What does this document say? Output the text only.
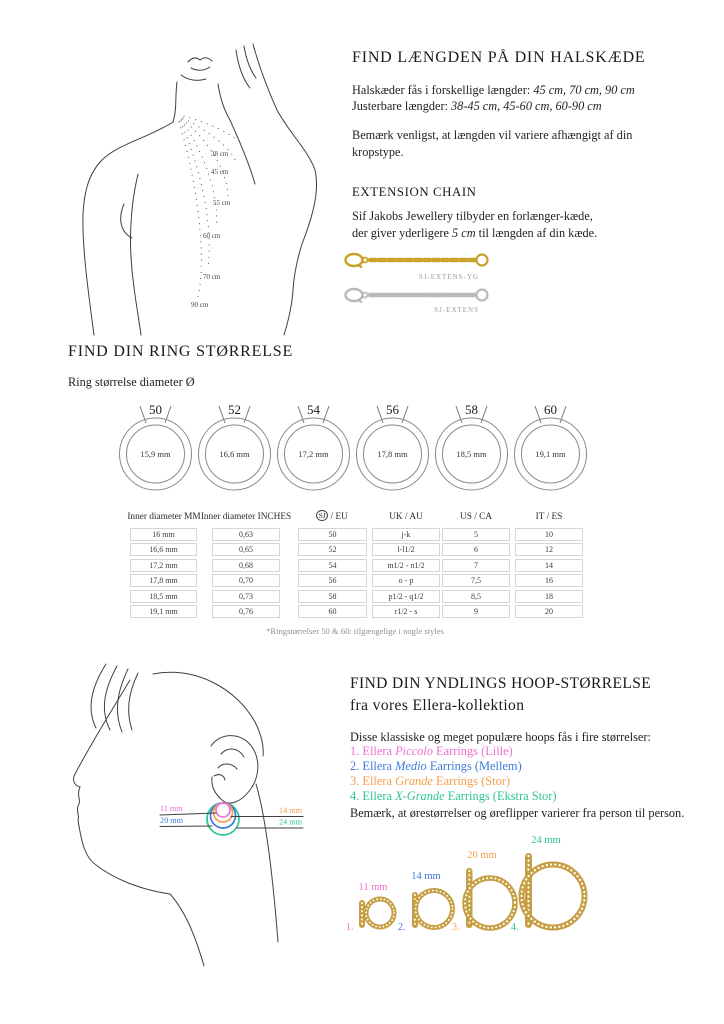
38 cm
45 cm
55 cm
60 cm
70 cm
90 cm
FIND LÆNGDEN PÅ DIN HALSKÆDE
Halskæder fås i forskellige længder: 45 cm, 70 cm, 90 cm
Justerbare længder: 38-45 cm, 45-60 cm, 60-90 cm
Bemærk venligst, at længden vil variere afhængigt af din kropstype.
EXTENSION CHAIN
Sif Jakobs Jewellery tilbyder en forlænger-kæde,
der giver yderligere 5 cm til længden af din kæde.
SJ-EXTENS-YG
SJ-EXTENS
FIND DIN RING STØRRELSE
Ring størrelse diameter Ø
50
15,9 mm
52
16,6 mm
54
17,2 mm
56
17,8 mm
58
18,5 mm
60
19,1 mm
Inner diameter MM
16 mm
16,6 mm
17,2 mm
17,8 mm
18,5 mm
19,1 mm
Inner diameter INCHES
0,63
0,65
0,68
0,70
0,73
0,76
SJ / EU
50
52
54
56
58
60
UK / AU
j-k
l-l1/2
m1/2 - n1/2
o - p
p1/2 - q1/2
r1/2 - s
US / CA
5
6
7
7,5
8,5
9
IT / ES
10
12
14
16
18
20
*Ringstørrelser 50 & 60: tilgængelige i nogle styles
11 mm
20 mm
14 mm
24 mm
FIND DIN YNDLINGS HOOP-STØRRELSE
fra vores Ellera-kollektion
Disse klassiske og meget populære hoops fås i fire størrelser:
1. Ellera Piccolo Earrings (Lille)
2. Ellera Medio Earrings (Mellem)
3. Ellera Grande Earrings (Stor)
4. Ellera X-Grande Earrings (Ekstra Stor)
Bemærk, at ørestørrelser og øreflipper varierer fra person til person.
11 mm
1.
14 mm
2.
20 mm
3.
24 mm
4.
